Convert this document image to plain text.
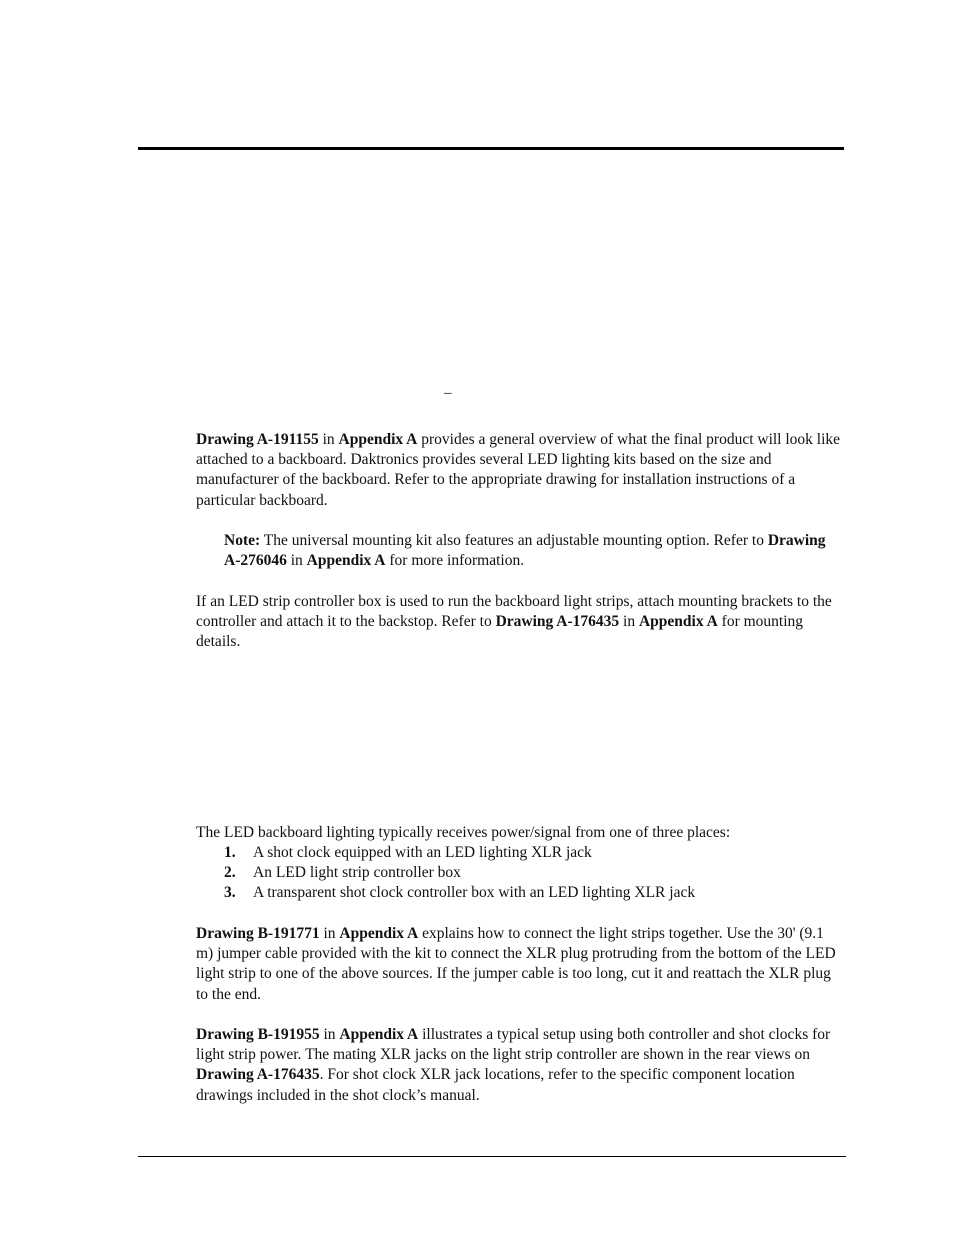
–

Drawing A-191155 in Appendix A provides a general overview of what the final product will look like attached to a backboard. Daktronics provides several LED lighting kits based on the size and manufacturer of the backboard. Refer to the appropriate drawing for installation instructions of a particular backboard.

Note: The universal mounting kit also features an adjustable mounting option. Refer to Drawing A-276046 in Appendix A for more information.

If an LED strip controller box is used to run the backboard light strips, attach mounting brackets to the controller and attach it to the backstop. Refer to Drawing A-176435 in Appendix A for mounting details.

The LED backboard lighting typically receives power/signal from one of three places:

1.	A shot clock equipped with an LED lighting XLR jack
2.	An LED light strip controller box
3.	A transparent shot clock controller box with an LED lighting XLR jack

Drawing B-191771 in Appendix A explains how to connect the light strips together. Use the 30' (9.1 m) jumper cable provided with the kit to connect the XLR plug protruding from the bottom of the LED light strip to one of the above sources. If the jumper cable is too long, cut it and reattach the XLR plug to the end.

Drawing B-191955 in Appendix A illustrates a typical setup using both controller and shot clocks for light strip power. The mating XLR jacks on the light strip controller are shown in the rear views on Drawing A-176435. For shot clock XLR jack locations, refer to the specific component location drawings included in the shot clock’s manual.
